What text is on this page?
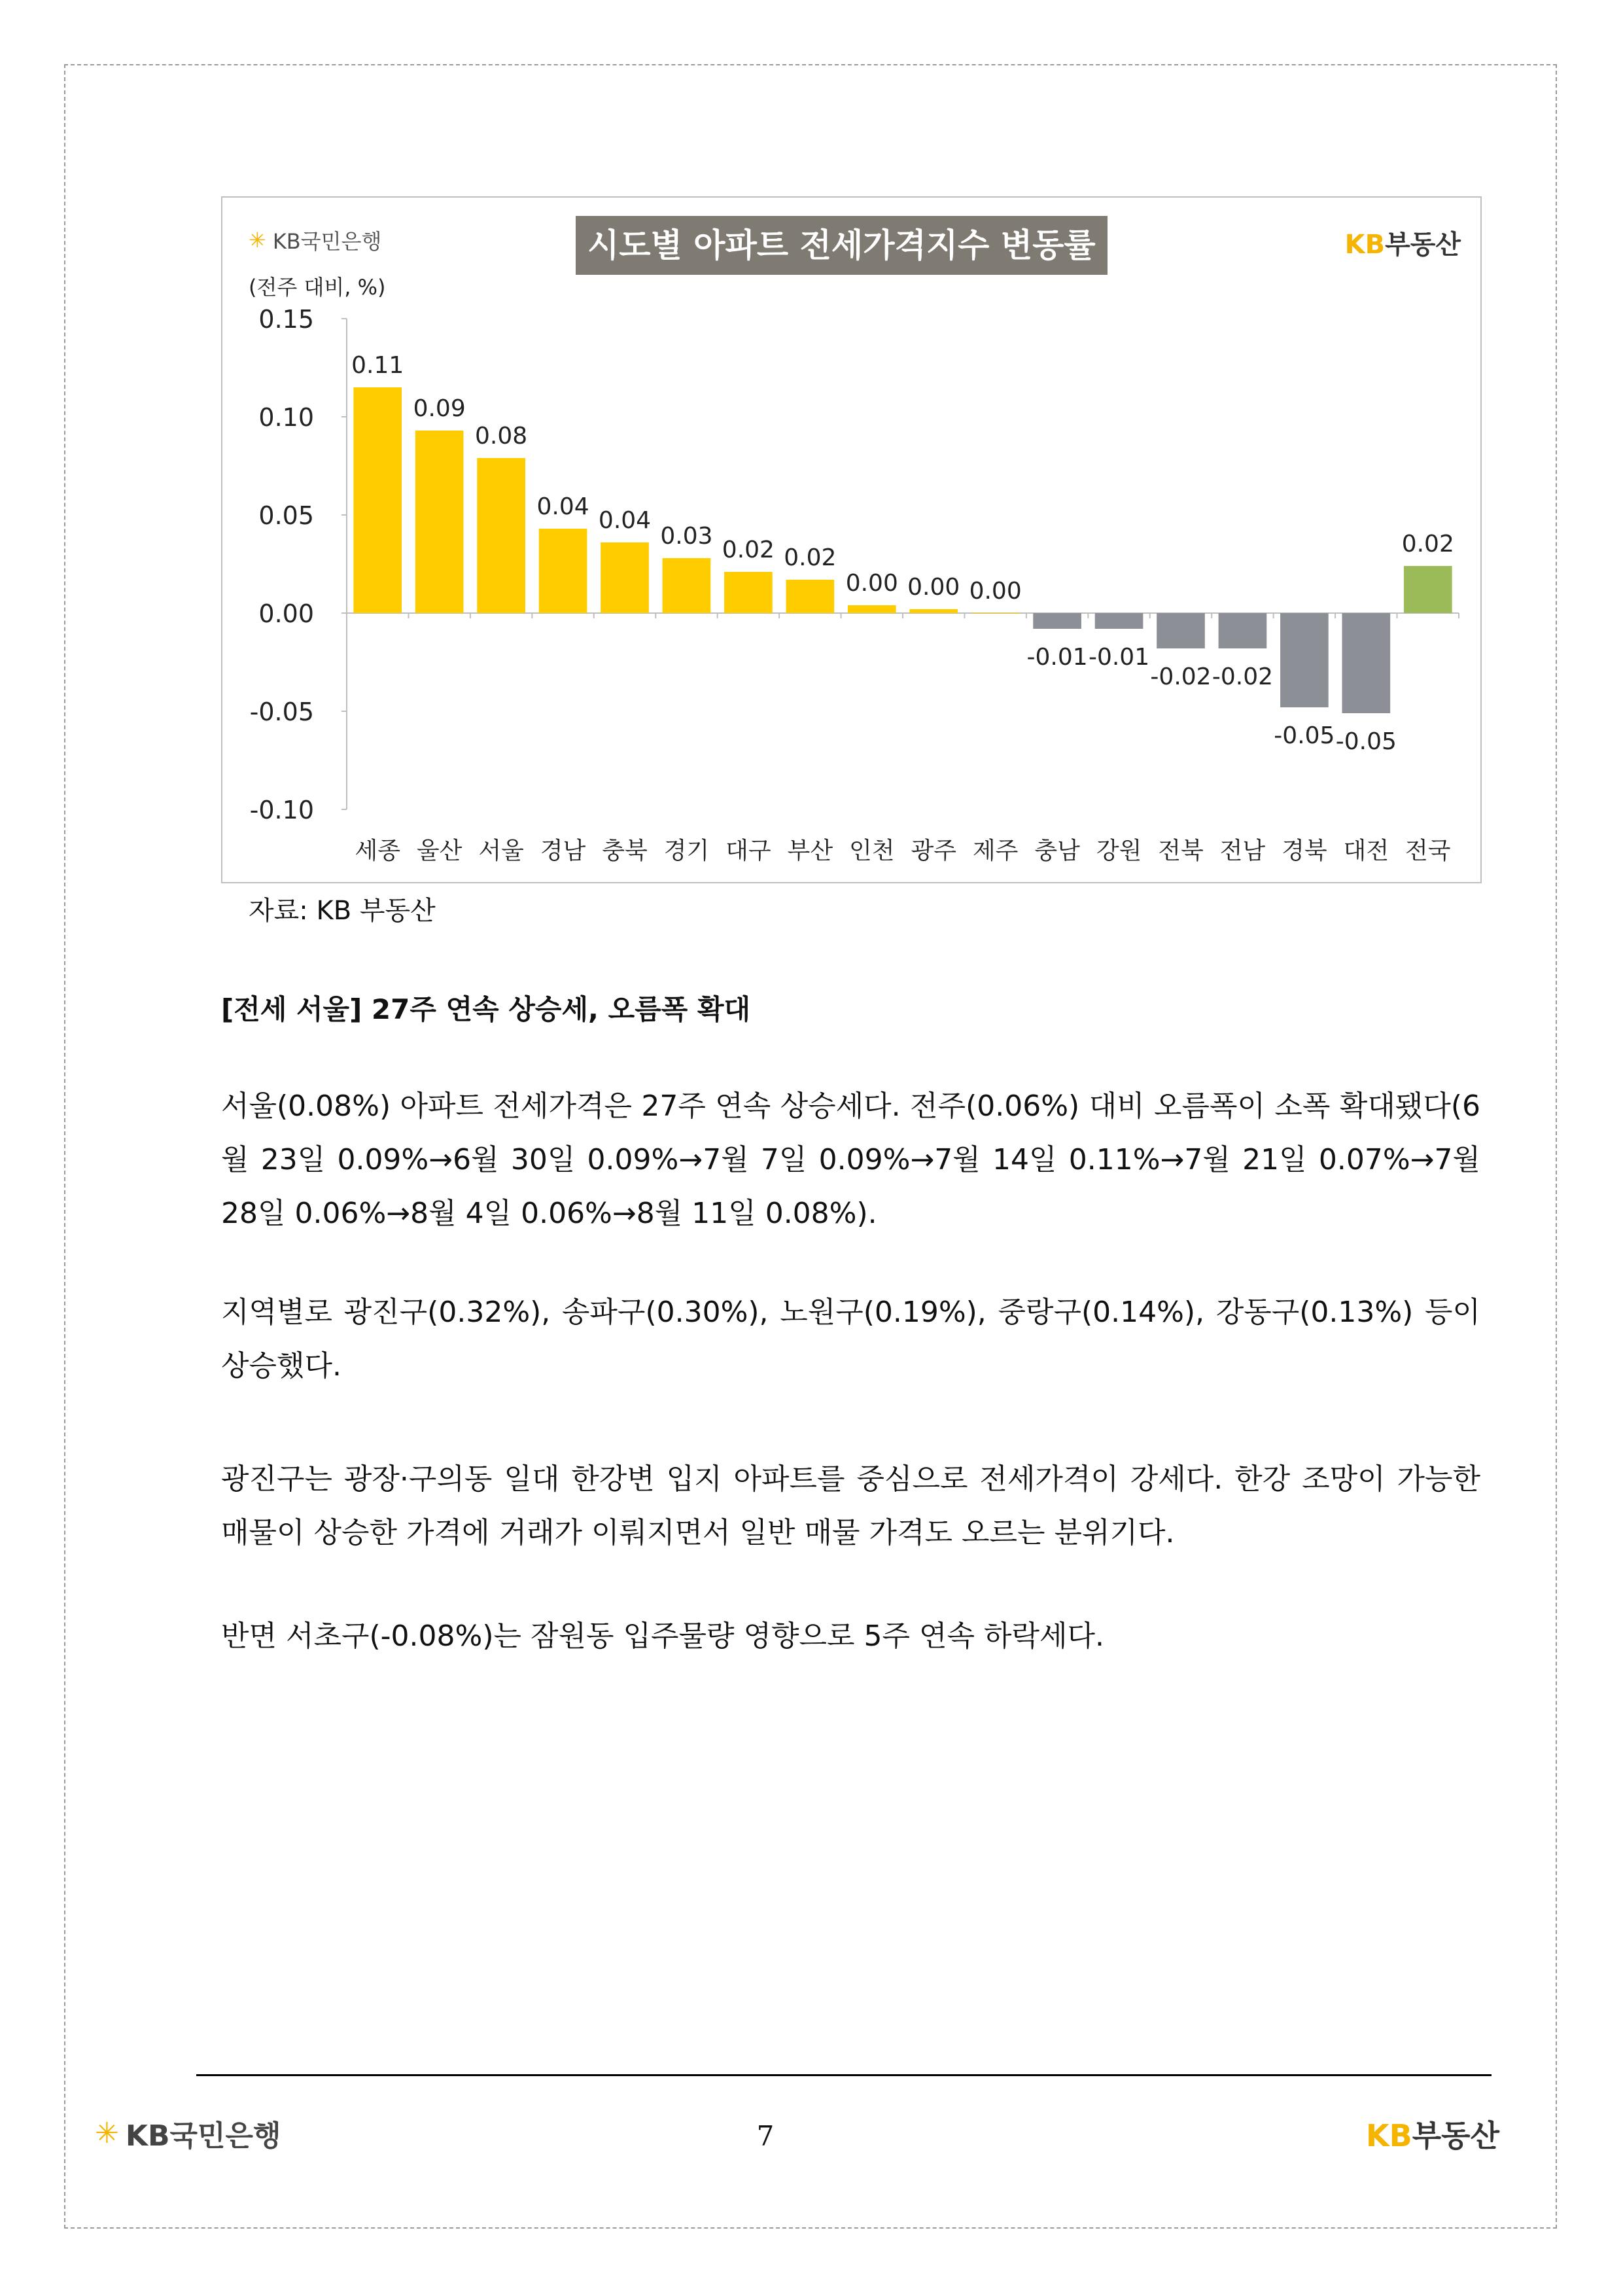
✳ KB국민은행	시도별 아파트 전세가격지수 변동률	KB부동산
(전주 대비, %)
0.15
0.10
0.05
0.00
-0.05
-0.10
0.11
세종
0.09
울산
0.08
서울
0.04
경남
0.04
충북
0.03
경기
0.02
대구
0.02
부산
0.00
인천
0.00
광주
0.00
제주
-0.01
충남
-0.01
강원
-0.02
전북
-0.02
전남
-0.05
경북
-0.05
대전
0.02
전국
자료: KB 부동산
[전세 서울] 27주 연속 상승세, 오름폭 확대
서울(0.08%) 아파트 전세가격은 27주 연속 상승세다. 전주(0.06%) 대비 오름폭이 소폭 확대됐다(6월 23일 0.09%→6월 30일 0.09%→7월 7일 0.09%→7월 14일 0.11%→7월 21일 0.07%→7월 28일 0.06%→8월 4일 0.06%→8월 11일 0.08%).
지역별로 광진구(0.32%), 송파구(0.30%), 노원구(0.19%), 중랑구(0.14%), 강동구(0.13%) 등이 상승했다.
광진구는 광장·구의동 일대 한강변 입지 아파트를 중심으로 전세가격이 강세다. 한강 조망이 가능한 매물이 상승한 가격에 거래가 이뤄지면서 일반 매물 가격도 오르는 분위기다.
반면 서초구(-0.08%)는 잠원동 입주물량 영향으로 5주 연속 하락세다.
✳ KB국민은행	7	KB부동산
